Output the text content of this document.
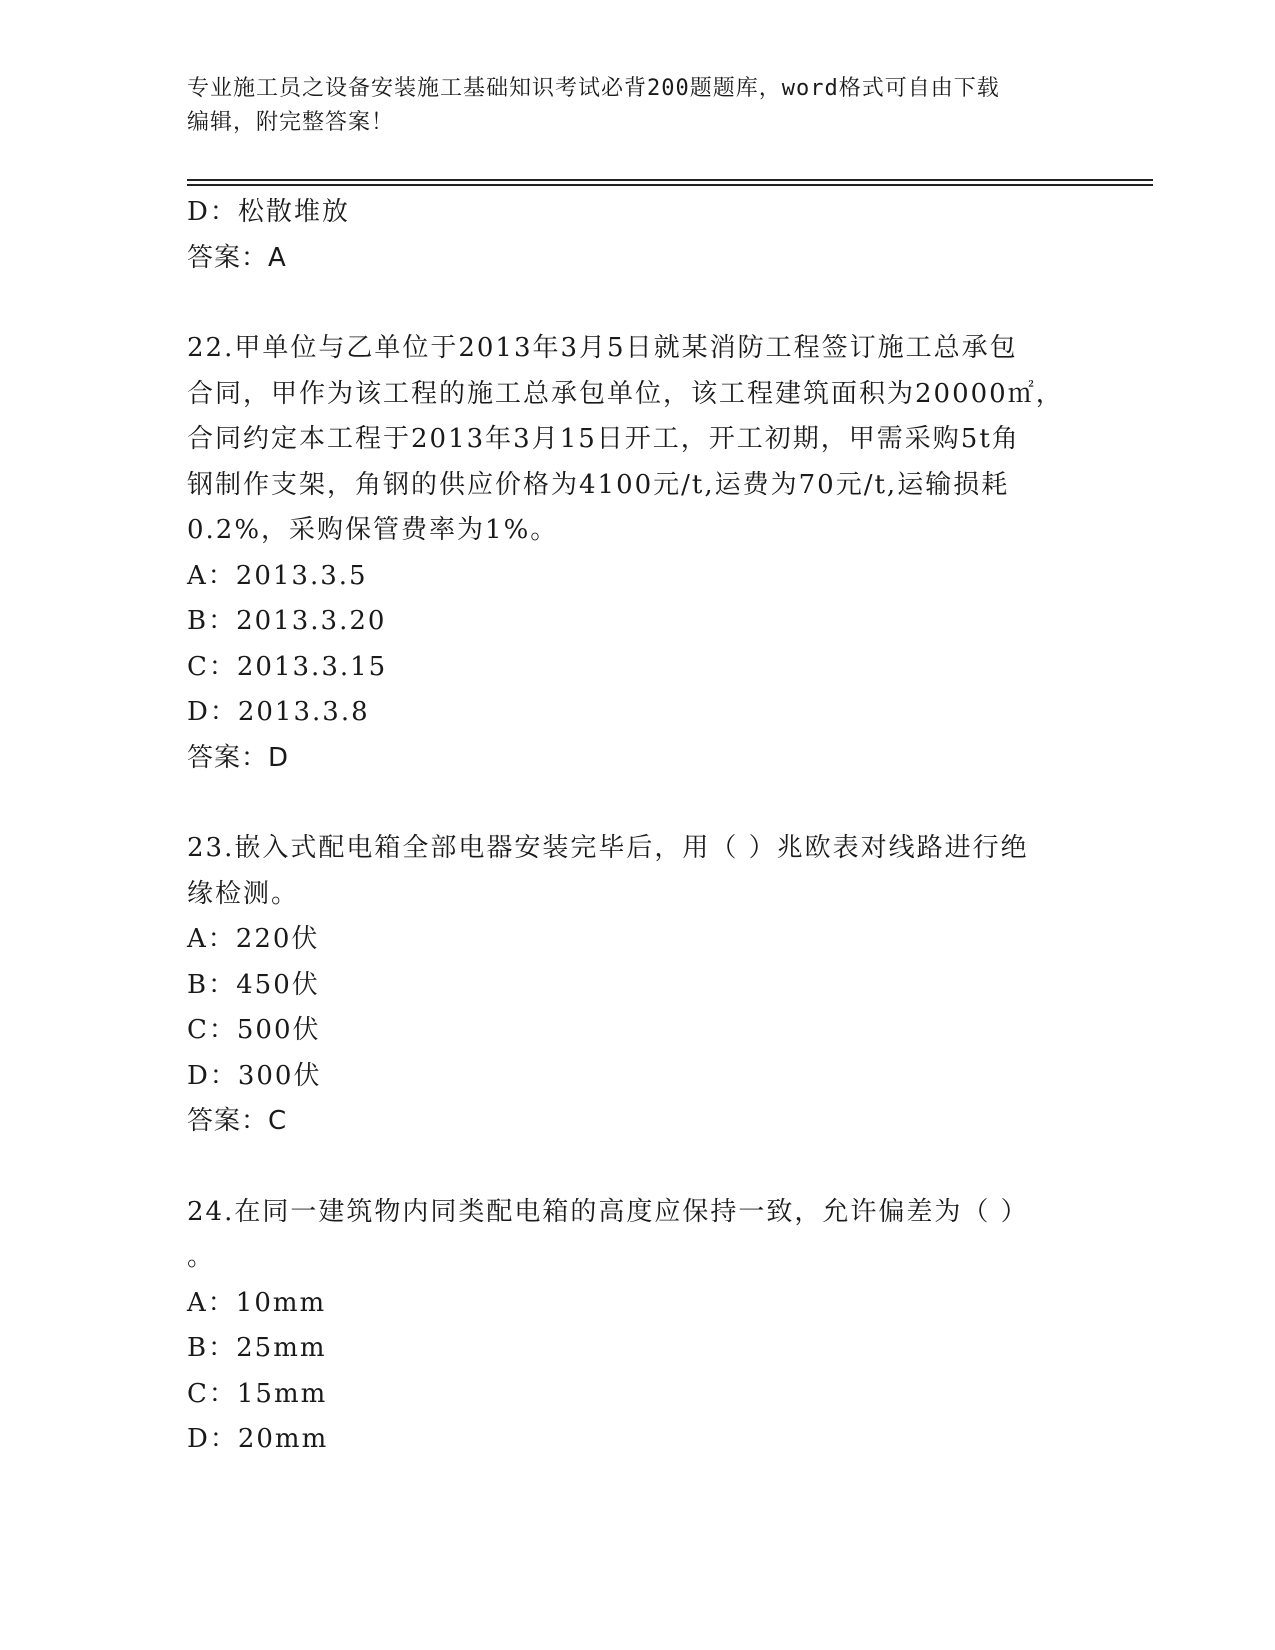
专业施工员之设备安装施工基础知识考试必背200题题库，word格式可自由下载
编辑，附完整答案！
D：松散堆放
答案：A
22.甲单位与乙单位于2013年3月5日就某消防工程签订施工总承包
合同，甲作为该工程的施工总承包单位，该工程建筑面积为20000㎡，
合同约定本工程于2013年3月15日开工，开工初期，甲需采购5t角
钢制作支架，角钢的供应价格为4100元/t,运费为70元/t,运输损耗
0.2%，采购保管费率为1%。
A：2013.3.5
B：2013.3.20
C：2013.3.15
D：2013.3.8
答案：D
23.嵌入式配电箱全部电器安装完毕后，用（ ）兆欧表对线路进行绝
缘检测。
A：220伏
B：450伏
C：500伏
D：300伏
答案：C
24.在同一建筑物内同类配电箱的高度应保持一致，允许偏差为（ ）
。
A：10mm
B：25mm
C：15mm
D：20mm
